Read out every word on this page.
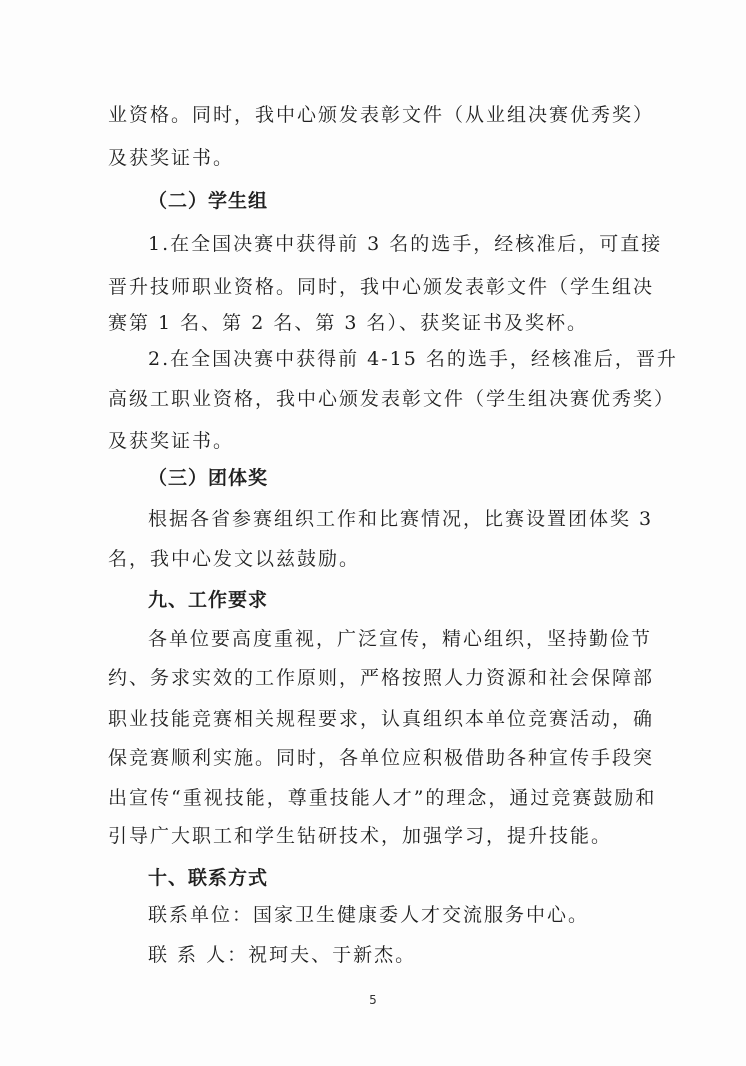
业资格。同时，我中心颁发表彰文件（从业组决赛优秀奖）
及获奖证书。
（二）学生组
1.在全国决赛中获得前 3 名的选手，经核准后，可直接
晋升技师职业资格。同时，我中心颁发表彰文件（学生组决
赛第 1 名、第 2 名、第 3 名）、获奖证书及奖杯。
2.在全国决赛中获得前 4-15 名的选手，经核准后，晋升
高级工职业资格，我中心颁发表彰文件（学生组决赛优秀奖）
及获奖证书。
（三）团体奖
根据各省参赛组织工作和比赛情况，比赛设置团体奖 3
名，我中心发文以兹鼓励。
九、工作要求
各单位要高度重视，广泛宣传，精心组织，坚持勤俭节
约、务求实效的工作原则，严格按照人力资源和社会保障部
职业技能竞赛相关规程要求，认真组织本单位竞赛活动，确
保竞赛顺利实施。同时，各单位应积极借助各种宣传手段突
出宣传“重视技能，尊重技能人才”的理念，通过竞赛鼓励和
引导广大职工和学生钻研技术，加强学习，提升技能。
十、联系方式
联系单位：国家卫生健康委人才交流服务中心。
联 系 人：祝珂夫、于新杰。
5
